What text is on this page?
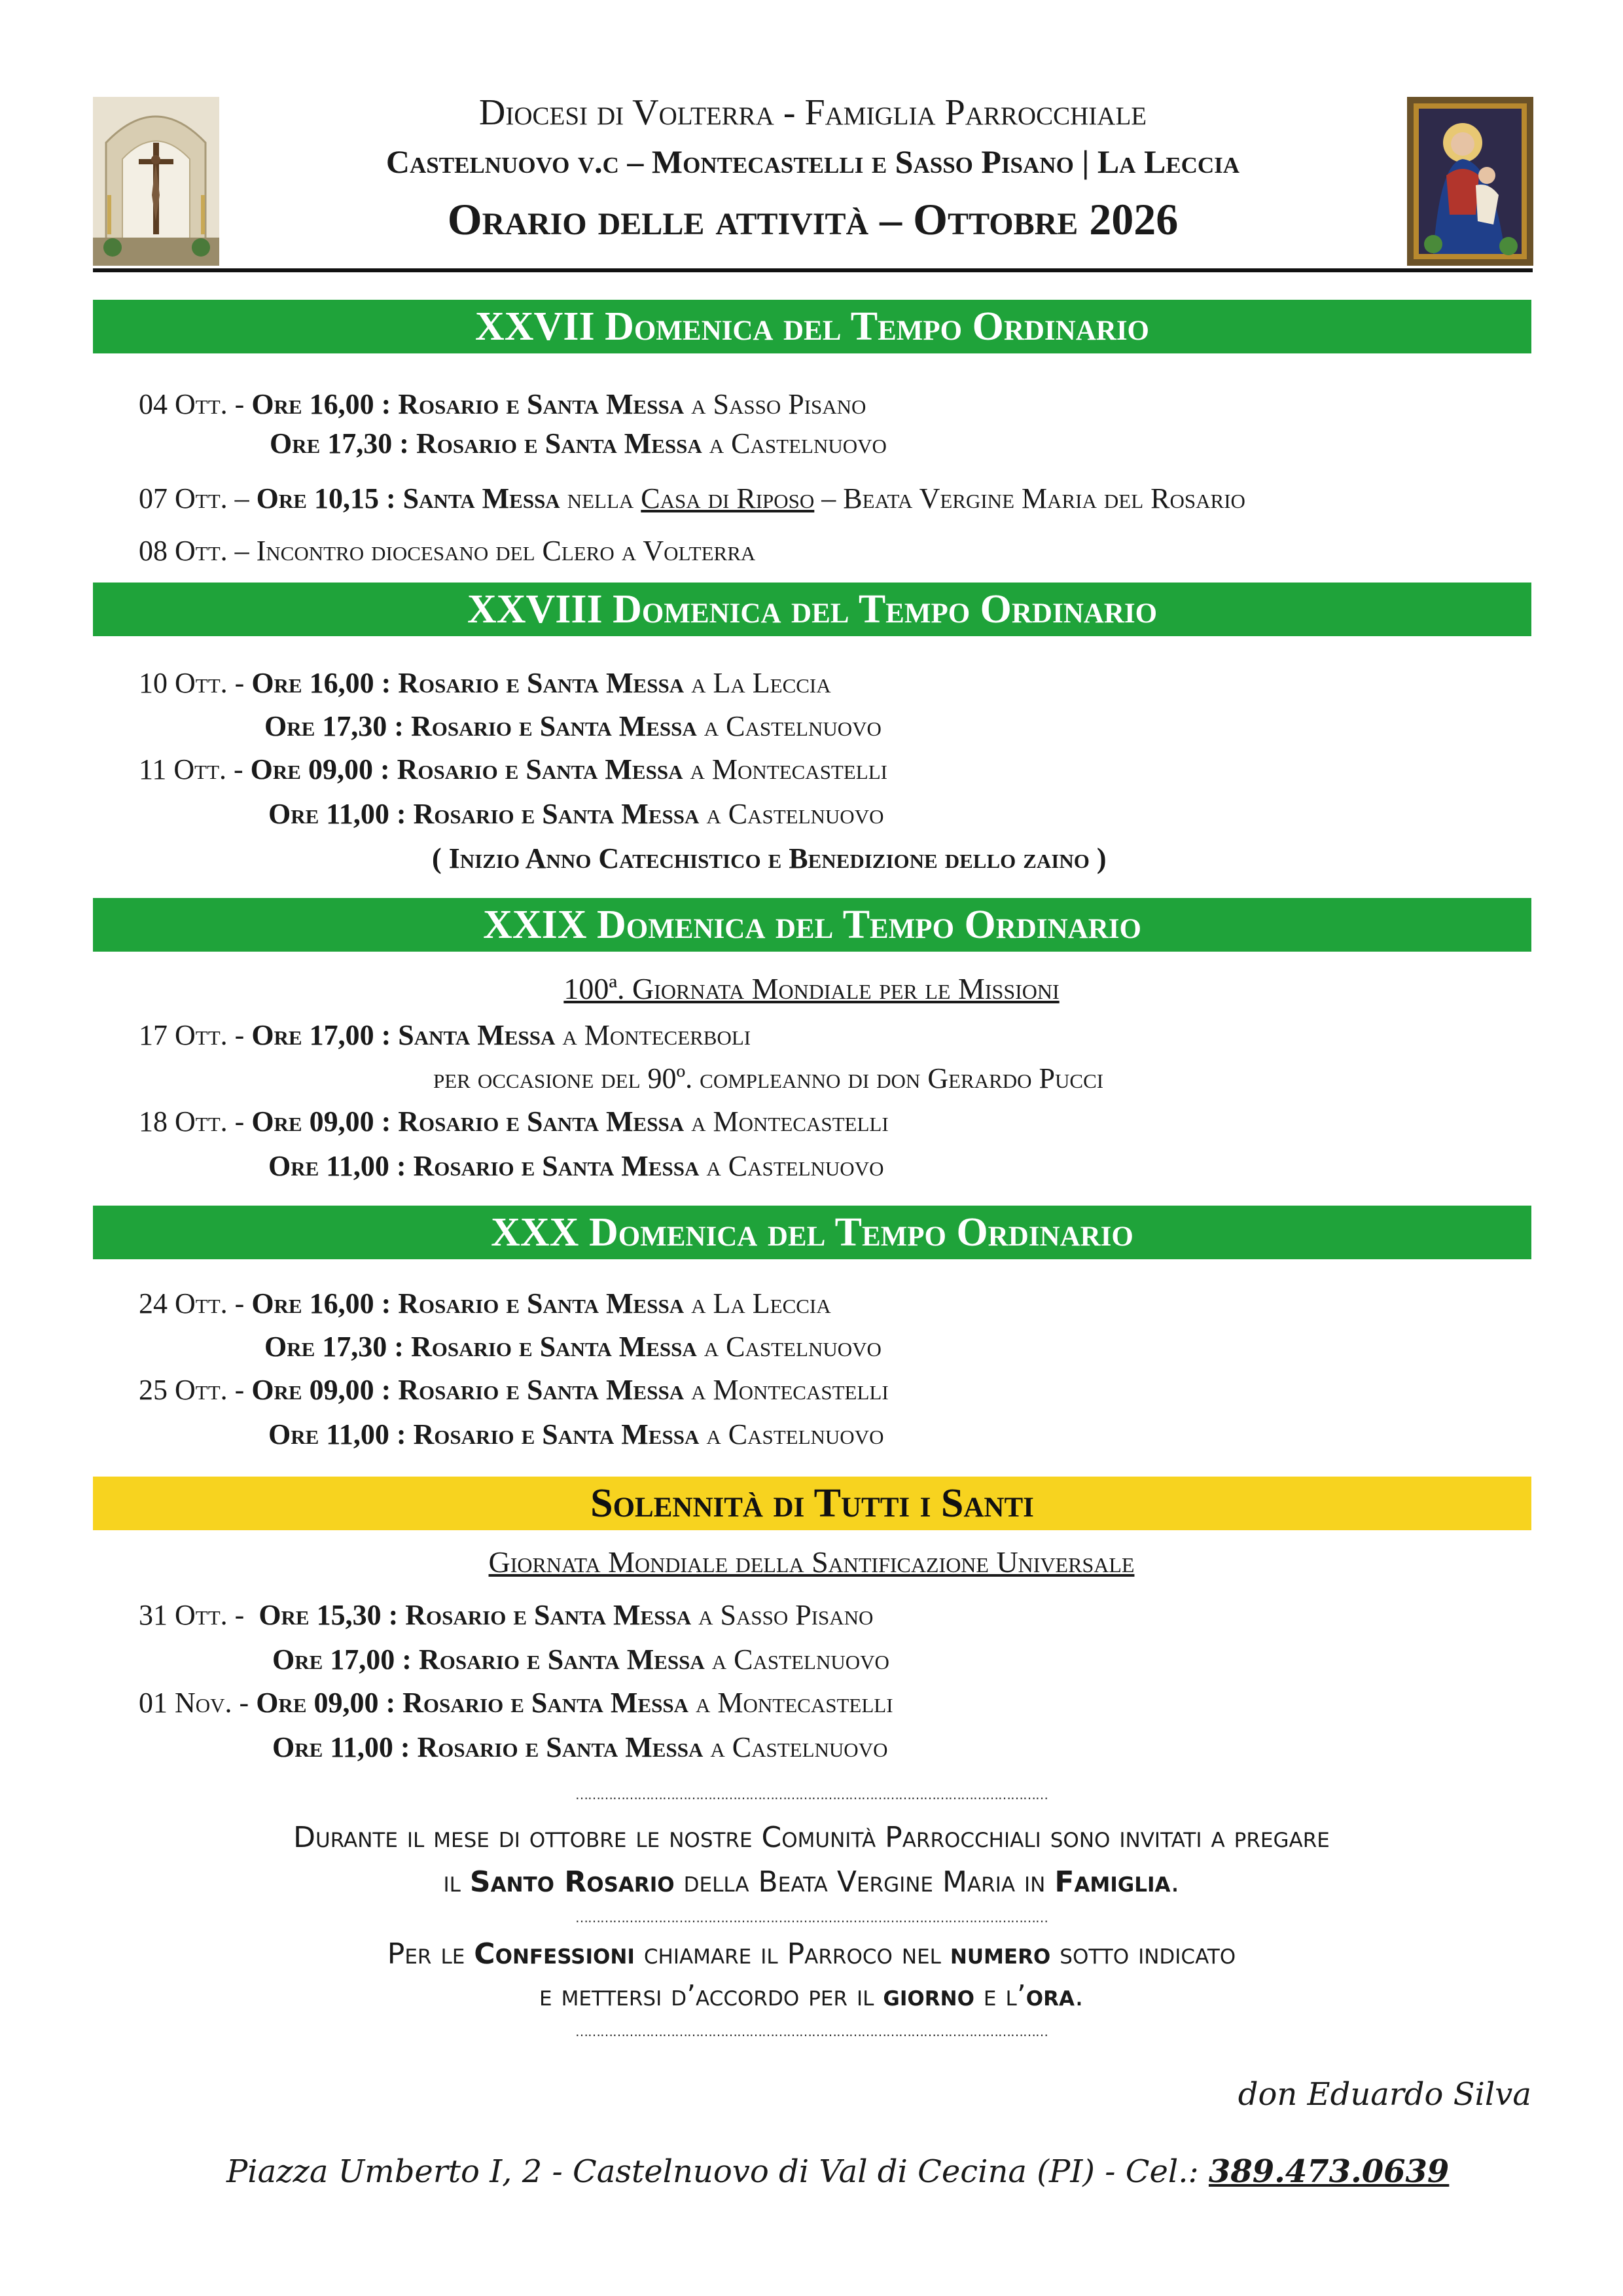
Diocesi di Volterra - Famiglia Parrocchiale
Castelnuovo v.c – Montecastelli e Sasso Pisano | La Leccia
Orario delle attività – Ottobre 2026
XXVII Domenica del Tempo Ordinario
04 Ott. - Ore 16,00 : Rosario e Santa Messa a Sasso Pisano
Ore 17,30 : Rosario e Santa Messa a Castelnuovo
07 Ott. – Ore 10,15 : Santa Messa nella Casa di Riposo – Beata Vergine Maria del Rosario
08 Ott. – Incontro diocesano del Clero a Volterra
XXVIII Domenica del Tempo Ordinario
10 Ott. - Ore 16,00 : Rosario e Santa Messa a La Leccia
Ore 17,30 : Rosario e Santa Messa a Castelnuovo
11 Ott. - Ore 09,00 : Rosario e Santa Messa a Montecastelli
Ore 11,00 : Rosario e Santa Messa a Castelnuovo
( Inizio Anno Catechistico e Benedizione dello zaino )
XXIX Domenica del Tempo Ordinario
100ª. Giornata Mondiale per le Missioni
17 Ott. - Ore 17,00 : Santa Messa a Montecerboli
per occasione del 90º. compleanno di don Gerardo Pucci
18 Ott. - Ore 09,00 : Rosario e Santa Messa a Montecastelli
Ore 11,00 : Rosario e Santa Messa a Castelnuovo
XXX Domenica del Tempo Ordinario
24 Ott. - Ore 16,00 : Rosario e Santa Messa a La Leccia
Ore 17,30 : Rosario e Santa Messa a Castelnuovo
25 Ott. - Ore 09,00 : Rosario e Santa Messa a Montecastelli
Ore 11,00 : Rosario e Santa Messa a Castelnuovo
Solennità di Tutti i Santi
Giornata Mondiale della Santificazione Universale
31 Ott. -  Ore 15,30 : Rosario e Santa Messa a Sasso Pisano
Ore 17,00 : Rosario e Santa Messa a Castelnuovo
01 Nov. - Ore 09,00 : Rosario e Santa Messa a Montecastelli
Ore 11,00 : Rosario e Santa Messa a Castelnuovo
……………………………………………………………………………………………………
Durante il mese di ottobre le nostre Comunità Parrocchiali sono invitati a pregare
il Santo Rosario della Beata Vergine Maria in Famiglia.
……………………………………………………………………………………………………
Per le Confessioni chiamare il Parroco nel numero sotto indicato
e mettersi d’accordo per il giorno e l’ora.
……………………………………………………………………………………………………
don Eduardo Silva
Piazza Umberto I, 2 - Castelnuovo di Val di Cecina (PI) - Cel.: 389.473.0639
